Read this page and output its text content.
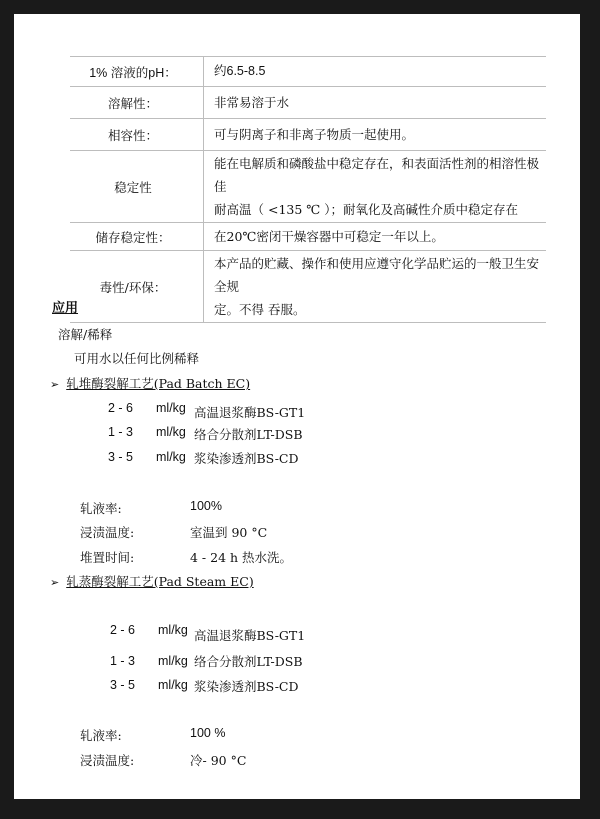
1% 溶液的pH：	约6.5-8.5
溶解性：	非常易溶于水
相容性：	可与阴离子和非离子物质一起使用。
稳定性	能在电解质和磷酸盐中稳定存在，和表面活性剂的相溶性极佳
耐高温（ <135 ℃ ）；耐氧化及高碱性介质中稳定存在

储存稳定性：	在20℃密闭干燥容器中可稳定一年以上。
毒性/环保：	本产品的贮藏、操作和使用应遵守化学品贮运的一般卫生安全规
定。不得 吞服。
应用
溶解/稀释
可用水以任何比例稀释
➢ 轧堆酶裂解工艺(Pad Batch EC)
2 - 6 ml/kg 高温退浆酶BS-GT1
1 - 3 ml/kg 络合分散剂LT-DSB
3 - 5 ml/kg 浆染渗透剂BS-CD
轧液率:	100%
浸渍温度:	室温到 90 °C
堆置时间:	4 - 24 h 热水洗。
➢ 轧蒸酶裂解工艺(Pad Steam EC)
2 - 6 ml/kg 高温退浆酶BS-GT1
1 - 3 ml/kg 络合分散剂LT-DSB
3 - 5 ml/kg 浆染渗透剂BS-CD
轧液率:	100 %
浸渍温度:	冷- 90 °C
